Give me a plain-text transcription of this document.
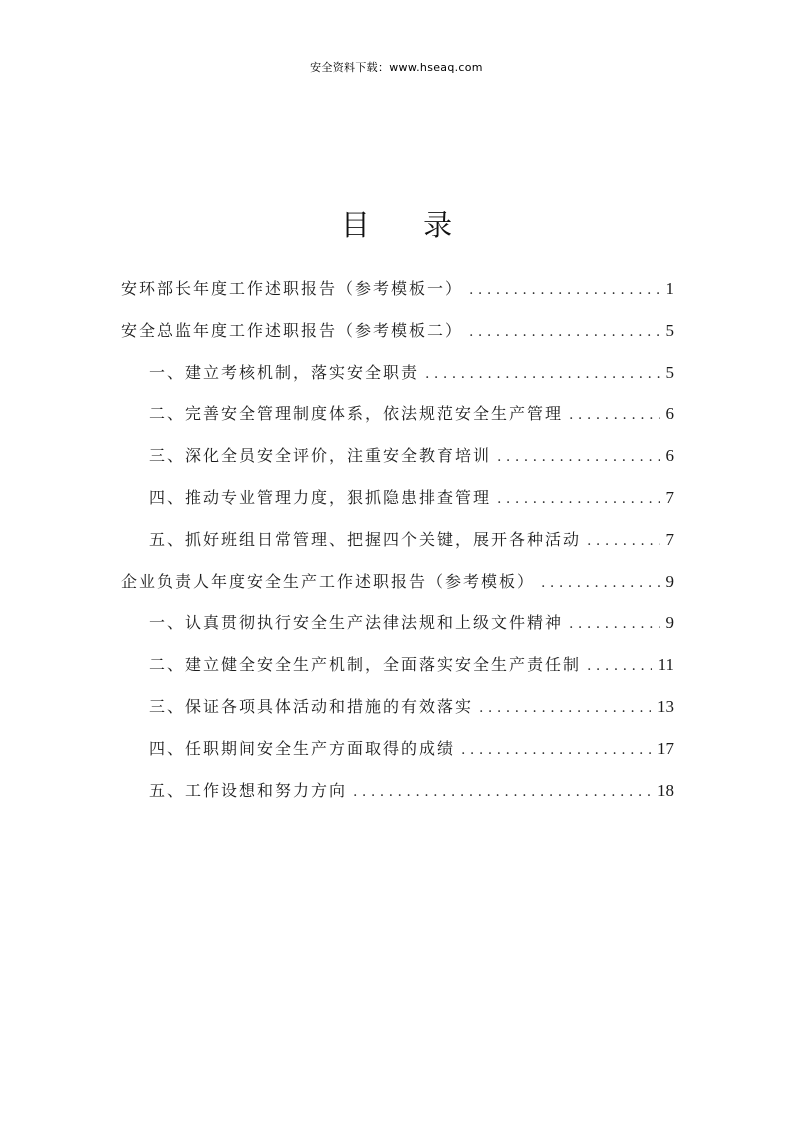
安全资料下载：www.hseaq.com
目 录
安环部长年度工作述职报告（参考模板一） . . .	1
安全总监年度工作述职报告（参考模板二） . . .	5
一、建立考核机制，落实安全职责 . . .	5
二、完善安全管理制度体系，依法规范安全生产管理 . . .	6
三、深化全员安全评价，注重安全教育培训 . . .	6
四、推动专业管理力度，狠抓隐患排查管理 . . .	7
五、抓好班组日常管理、把握四个关键，展开各种活动 . . .	7
企业负责人年度安全生产工作述职报告（参考模板） . . .	9
一、认真贯彻执行安全生产法律法规和上级文件精神 . . .	9
二、建立健全安全生产机制，全面落实安全生产责任制 . . .	11
三、保证各项具体活动和措施的有效落实 . . .	13
四、任职期间安全生产方面取得的成绩 . . .	17
五、工作设想和努力方向 . . .	18
